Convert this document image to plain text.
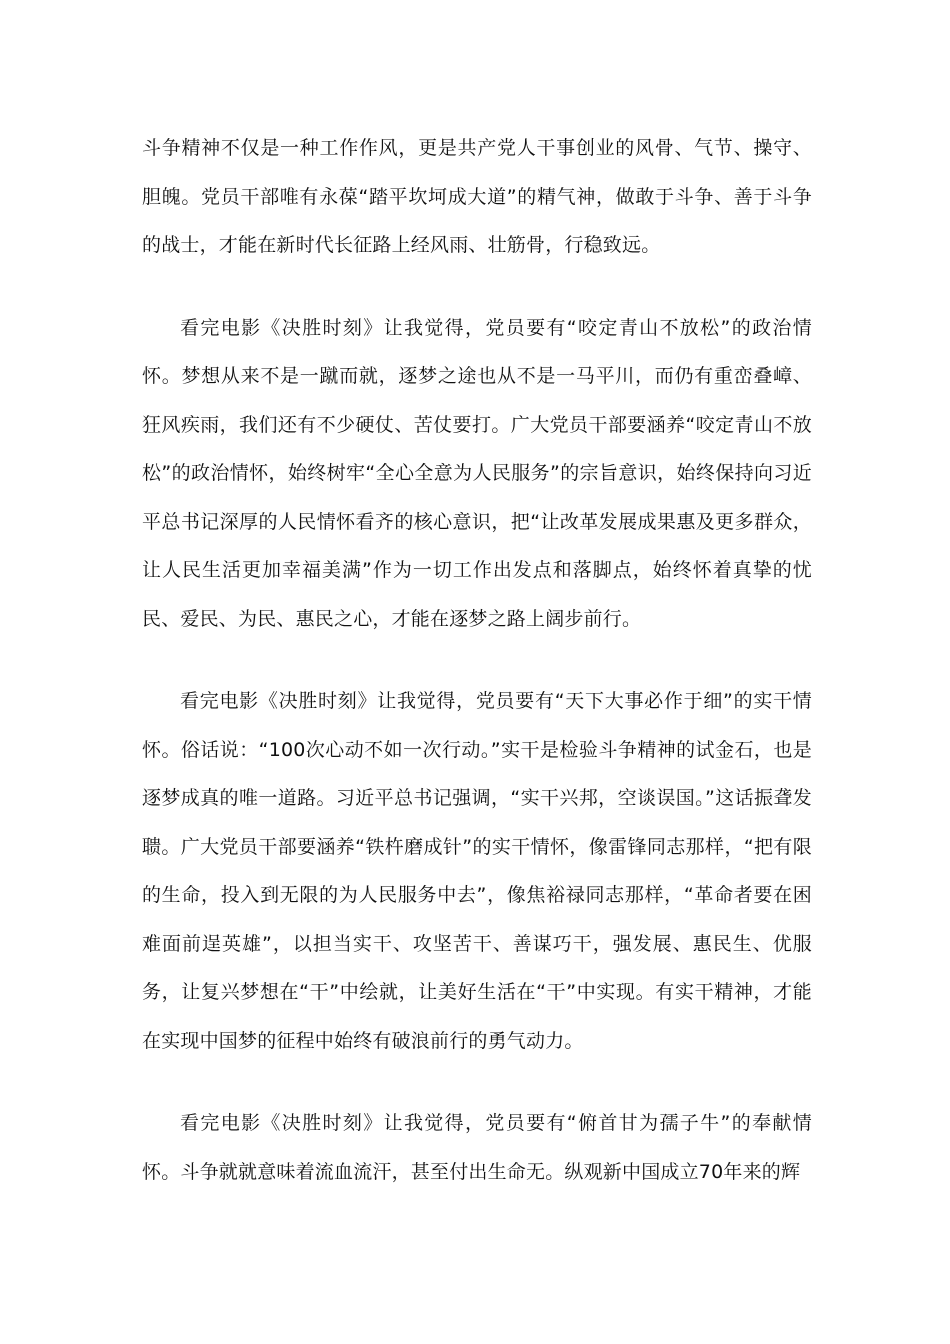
斗争精神不仅是一种工作作风，更是共产党人干事创业的风骨、气节、操守、胆魄。党员干部唯有永葆“踏平坎坷成大道”的精气神，做敢于斗争、善于斗争的战士，才能在新时代长征路上经风雨、壮筋骨，行稳致远。

看完电影《决胜时刻》让我觉得，党员要有“咬定青山不放松”的政治情怀。梦想从来不是一蹴而就，逐梦之途也从不是一马平川，而仍有重峦叠嶂、狂风疾雨，我们还有不少硬仗、苦仗要打。广大党员干部要涵养“咬定青山不放松”的政治情怀，始终树牢“全心全意为人民服务”的宗旨意识，始终保持向习近平总书记深厚的人民情怀看齐的核心意识，把“让改革发展成果惠及更多群众，让人民生活更加幸福美满”作为一切工作出发点和落脚点，始终怀着真挚的忧民、爱民、为民、惠民之心，才能在逐梦之路上阔步前行。

看完电影《决胜时刻》让我觉得，党员要有“天下大事必作于细”的实干情怀。俗话说：“100次心动不如一次行动。”实干是检验斗争精神的试金石，也是逐梦成真的唯一道路。习近平总书记强调，“实干兴邦，空谈误国。”这话振聋发聩。广大党员干部要涵养“铁杵磨成针”的实干情怀，像雷锋同志那样，“把有限的生命，投入到无限的为人民服务中去”，像焦裕禄同志那样，“革命者要在困难面前逞英雄”，以担当实干、攻坚苦干、善谋巧干，强发展、惠民生、优服务，让复兴梦想在“干”中绘就，让美好生活在“干”中实现。有实干精神，才能在实现中国梦的征程中始终有破浪前行的勇气动力。

看完电影《决胜时刻》让我觉得，党员要有“俯首甘为孺子牛”的奉献情怀。斗争就就意味着流血流汗，甚至付出生命无。纵观新中国成立70年来的辉
